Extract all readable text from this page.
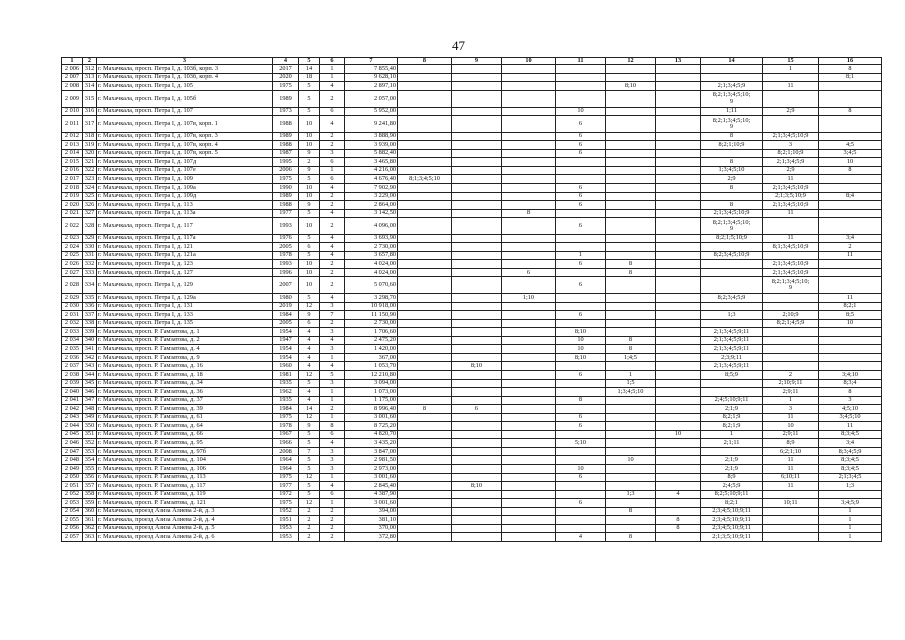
47
1	2	3	4	5	6	7	8	9	10	11	12	13	14	15	16
2 006	312	г. Махачкала, просп. Петра I, д. 103б, корп. 3	2017	14	1	7 855,40								1	8
2 007	313	г. Махачкала, просп. Петра I, д. 103б, корп. 4	2020	18	1	9 628,10									8;1
2 008	314	г. Махачкала, просп. Петра I, д. 105	1975	5	4	2 897,10					8;10		2;1;3;4;5;9	11	
2 009	315	г. Махачкала, просп. Петра I, д. 105б	1989	5	2	2 057,00							8;2;1;3;4;5;10;
9		
2 010	316	г. Махачкала, просп. Петра I, д. 107	1973	5	6	5 952,00				10			1;11	2;9	8
2 011	317	г. Махачкала, просп. Петра I, д. 107в, корп. 1	1988	10	4	9 241,80				6			8;2;1;3;4;5;10;
9		
2 012	318	г. Махачкала, просп. Петра I, д. 107в, корп. 3	1989	10	2	3 888,90				6			8	2;1;3;4;5;10;9	
2 013	319	г. Махачкала, просп. Петра I, д. 107в, корп. 4	1988	10	2	3 939,00				6			8;2;1;10;9	3	4;5
2 014	320	г. Махачкала, просп. Петра I, д. 107в, корп. 5	1987	9	3	5 882,40				6				8;2;1;10;9	3;4;5
2 015	321	г. Махачкала, просп. Петра I, д. 107д	1995	2	6	3 465,80							8	2;1;3;4;5;9	10
2 016	322	г. Махачкала, просп. Петра I, д. 107е	2006	9	1	4 216,00							1;3;4;5;10	2;9	8
2 017	323	г. Махачкала, просп. Петра I, д. 109	1975	5	6	4 676,40	8;1;3;4;5;10						2;9	11	
2 018	324	г. Махачкала, просп. Петра I, д. 109а	1990	10	4	7 902,90				6			8	2;1;3;4;5;10;9	
2 019	325	г. Махачкала, просп. Петра I, д. 109д	1989	10	2	3 229,00				6				2;1;3;5;10;9	8;4
2 020	326	г. Махачкала, просп. Петра I, д. 113	1988	9	2	2 864,00				6			8	2;1;3;4;5;10;9	
2 021	327	г. Махачкала, просп. Петра I, д. 113а	1977	5	4	3 142,50			8				2;1;3;4;5;10;9	11	
2 022	328	г. Махачкала, просп. Петра I, д. 117	1993	10	2	4 096,00				6			8;2;1;3;4;5;10;
9		
2 023	329	г. Махачкала, просп. Петра I, д. 117а	1976	5	4	3 693,90							8;2;1;5;10;9	11	3;4
2 024	330	г. Махачкала, просп. Петра I, д. 121	2005	6	4	2 730,00								8;1;3;4;5;10;9	2
2 025	331	г. Махачкала, просп. Петра I, д. 121а	1978	5	4	3 657,80				1			8;2;3;4;5;10;9		11
2 026	332	г. Махачкала, просп. Петра I, д. 123	1993	10	2	4 024,00				6	8			2;1;3;4;5;10;9	
2 027	333	г. Махачкала, просп. Петра I, д. 127	1996	10	2	4 024,00			6		8			2;1;3;4;5;10;9	
2 028	334	г. Махачкала, просп. Петра I, д. 129	2007	10	2	5 070,60				6				8;2;1;3;4;5;10;
9	
2 029	335	г. Махачкала, просп. Петра I, д. 129а	1980	5	4	3 298,70			1;10				8;2;3;4;5;9		11
2 030	336	г. Махачкала, просп. Петра I, д. 131	2019	12	3	10 918,00									8;2;1
2 031	337	г. Махачкала, просп. Петра I, д. 133	1984	9	7	11 150,90				6			1;3	2;10;9	8;5
2 032	338	г. Махачкала, просп. Петра I, д. 135	2005	6	2	2 730,00								8;2;1;4;5;9	10
2 033	339	г. Махачкала, просп. Р. Гамзатова, д. 1	1954	4	3	1 706,60				8;10			2;1;3;4;5;9;11		
2 034	340	г. Махачкала, просп. Р. Гамзатова, д. 2	1947	4	4	2 475,20				10	8		2;1;3;4;5;9;11		
2 035	341	г. Махачкала, просп. Р. Гамзатова, д. 4	1954	4	3	1 420,00				10	8		2;1;3;4;5;9;11		
2 036	342	г. Махачкала, просп. Р. Гамзатова, д. 9	1954	4	1	367,00				8;10	1;4;5		2;3;9;11		
2 037	343	г. Махачкала, просп. Р. Гамзатова, д. 16	1960	4	4	1 053,70		8;10					2;1;3;4;5;9;11		
2 038	344	г. Махачкала, просп. Р. Гамзатова, д. 18	1981	12	5	12 210,80				6	1		8;5;9	2	3;4;10
2 039	345	г. Махачкала, просп. Р. Гамзатова, д. 34	1935	5	3	3 094,00					1;5			2;10;9;11	8;3;4
2 040	346	г. Махачкала, просп. Р. Гамзатова, д. 36	1962	4	1	1 073,00					1;3;4;5;10			2;9;11	8
2 041	347	г. Махачкала, просп. Р. Гамзатова, д. 37	1935	4	1	1 175,00				8			2;4;5;10;9;11	1	3
2 042	348	г. Махачкала, просп. Р. Гамзатова, д. 39	1984	14	2	8 996,40	8	6					2;1;9	3	4;5;10
2 043	349	г. Махачкала, просп. Р. Гамзатова, д. 61	1975	12	1	3 001,60				6			8;2;1;9	11	3;4;5;10
2 044	350	г. Махачкала, просп. Р. Гамзатова, д. 64	1978	9	8	8 725,20				6			8;2;1;9	10	11
2 045	351	г. Махачкала, просп. Р. Гамзатова, д. 66	1967	5	6	4 820,70						10	1	2;9;11	8;3;4;5
2 046	352	г. Махачкала, просп. Р. Гамзатова, д. 95	1966	5	4	3 435,20				5;10			2;1;11	8;9	3;4
2 047	353	г. Махачкала, просп. Р. Гамзатова, д. 97б	2008	7	3	3 847,00								6;2;1;10	8;3;4;5;9
2 048	354	г. Махачкала, просп. Р. Гамзатова, д. 104	1964	5	3	2 981,50					10		2;1;9	11	8;3;4;5
2 049	355	г. Махачкала, просп. Р. Гамзатова, д. 106	1964	5	3	2 973,00				10			2;1;9	11	8;3;4;5
2 050	356	г. Махачкала, просп. Р. Гамзатова, д. 113	1975	12	1	3 001,60				6			8;9	6;10;11	2;1;3;4;5
2 051	357	г. Махачкала, просп. Р. Гамзатова, д. 117	1977	5	4	2 845,40		8;10					2;4;5;9	11	1;3
2 052	358	г. Махачкала, просп. Р. Гамзатова, д. 119	1972	5	6	4 387,90					1;3	4	8;2;5;10;9;11		
2 053	359	г. Махачкала, просп. Р. Гамзатова, д. 121	1975	12	1	3 001,60				6			8;2;1	10;11	3;4;5;9
2 054	360	г. Махачкала, проезд Азиза Алиева 2-й, д. 3	1952	2	2	394,00					8		2;3;4;5;10;9;11		1
2 055	361	г. Махачкала, проезд Азиза Алиева 2-й, д. 4	1951	2	2	381,10						8	2;3;4;5;10;9;11		1
2 056	362	г. Махачкала, проезд Азиза Алиева 2-й, д. 5	1953	2	2	370,00						8	2;3;4;5;10;9;11		1
2 057	363	г. Махачкала, проезд Азиза Алиева 2-й, д. 6	1953	2	2	372,80				4	8		2;1;3;5;10;9;11		1
